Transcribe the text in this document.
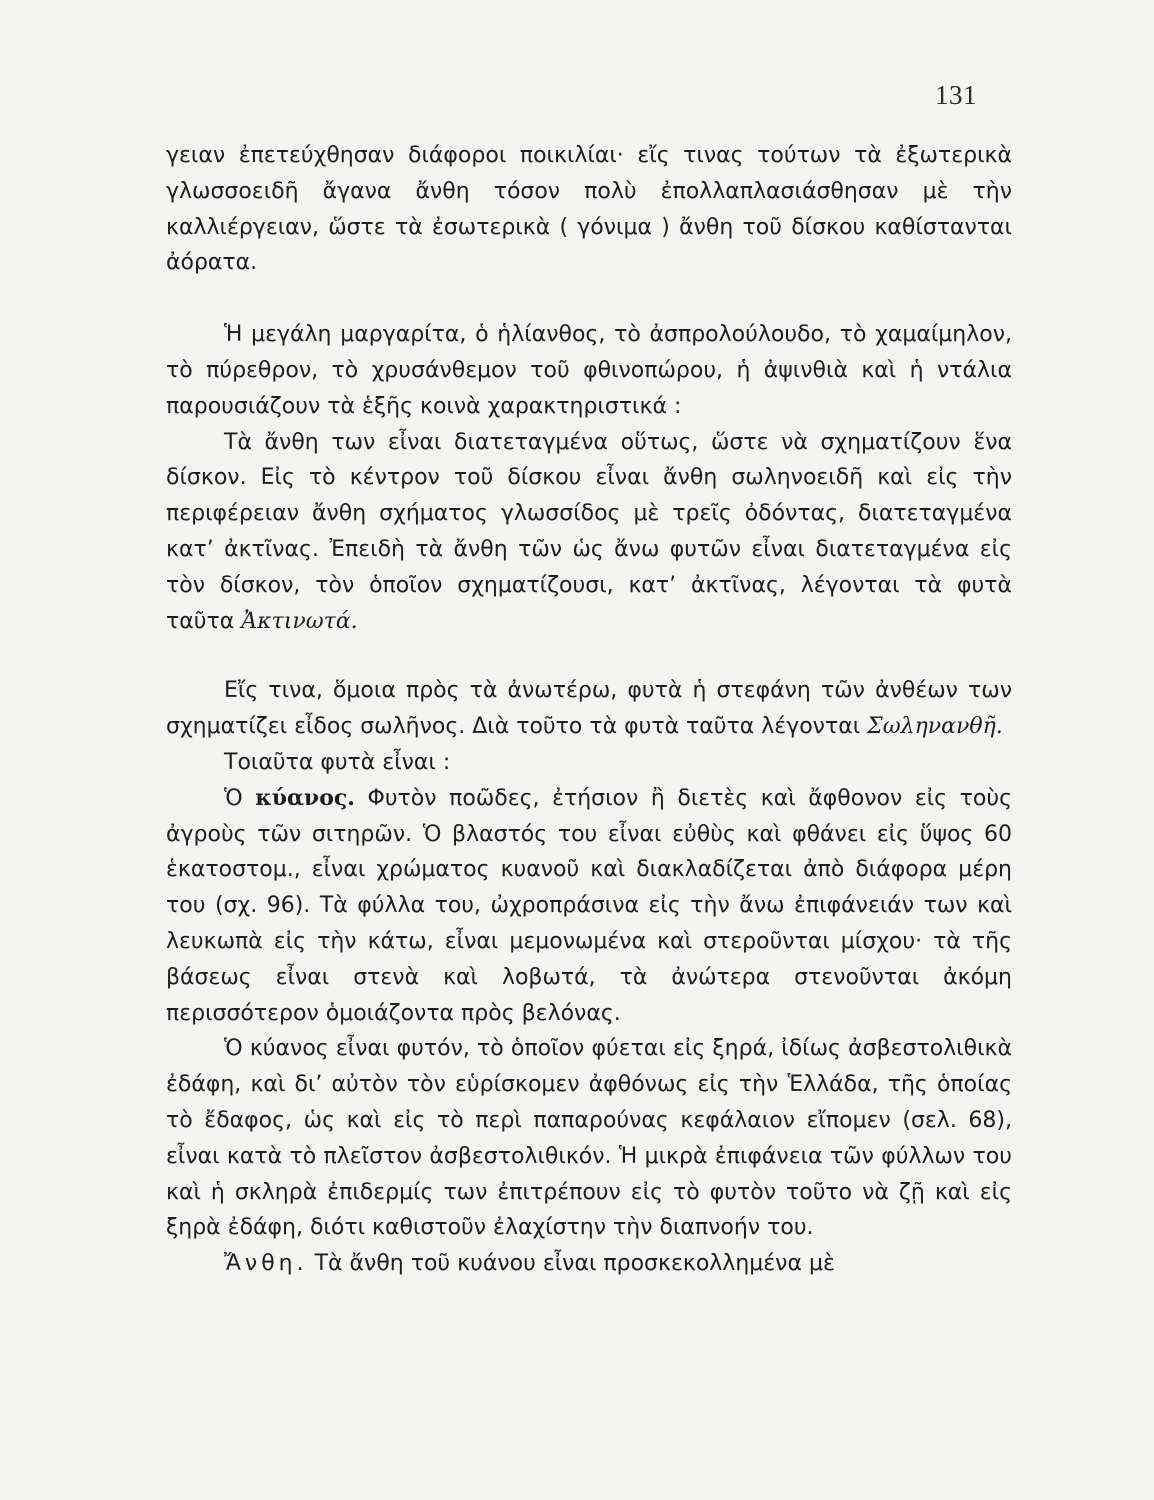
131

γειαν ἐπετεύχθησαν διάφοροι ποικιλίαι· εἴς τινας τούτων τὰ ἐξωτερικὰ γλωσσοειδῆ ἄγανα ἄνθη τόσον πολὺ ἐπολλαπλασιάσθησαν μὲ τὴν καλλιέργειαν, ὥστε τὰ ἐσωτερικὰ ( γόνιμα ) ἄνθη τοῦ δίσκου καθίστανται ἀόρατα.

Ἡ μεγάλη μαργαρίτα, ὁ ἡλίανθος, τὸ ἀσπρολούλουδο, τὸ χαμαίμηλον, τὸ πύρεθρον, τὸ χρυσάνθεμον τοῦ φθινοπώρου, ἡ ἀψινθιὰ καὶ ἡ ντάλια παρουσιάζουν τὰ ἑξῆς κοινὰ χαρακτηριστικά :

Τὰ ἄνθη των εἶναι διατεταγμένα οὕτως, ὥστε νὰ σχηματίζουν ἕνα δίσκον. Εἰς τὸ κέντρον τοῦ δίσκου εἶναι ἄνθη σωληνοειδῆ καὶ εἰς τὴν περιφέρειαν ἄνθη σχήματος γλωσσίδος μὲ τρεῖς ὀδόντας, διατεταγμένα κατ’ ἀκτῖνας. Ἐπειδὴ τὰ ἄνθη τῶν ὡς ἄνω φυτῶν εἶναι διατεταγμένα εἰς τὸν δίσκον, τὸν ὁποῖον σχηματίζουσι, κατ’ ἀκτῖνας, λέγονται τὰ φυτὰ ταῦτα Ἀκτινωτά.

Εἴς τινα, ὅμοια πρὸς τὰ ἀνωτέρω, φυτὰ ἡ στεφάνη τῶν ἀνθέων των σχηματίζει εἶδος σωλῆνος. Διὰ τοῦτο τὰ φυτὰ ταῦτα λέγονται Σωληνανθῆ.

Τοιαῦτα φυτὰ εἶναι :

Ὁ κύανος. Φυτὸν ποῶδες, ἐτήσιον ἢ διετὲς καὶ ἄφθονον εἰς τοὺς ἀγροὺς τῶν σιτηρῶν. Ὁ βλαστός του εἶναι εὐθὺς καὶ φθάνει εἰς ὕψος 60 ἑκατοστομ., εἶναι χρώματος κυανοῦ καὶ διακλαδίζεται ἀπὸ διάφορα μέρη του (σχ. 96). Τὰ φύλλα του, ὠχροπράσινα εἰς τὴν ἄνω ἐπιφάνειάν των καὶ λευκωπὰ εἰς τὴν κάτω, εἶναι μεμονωμένα καὶ στεροῦνται μίσχου· τὰ τῆς βάσεως εἶναι στενὰ καὶ λοβωτά, τὰ ἀνώτερα στενοῦνται ἀκόμη περισσότερον ὁμοιάζοντα πρὸς βελόνας.

Ὁ κύανος εἶναι φυτόν, τὸ ὁποῖον φύεται εἰς ξηρά, ἰδίως ἀσβεστολιθικὰ ἐδάφη, καὶ δι’ αὐτὸν τὸν εὑρίσκομεν ἀφθόνως εἰς τὴν Ἑλλάδα, τῆς ὁποίας τὸ ἔδαφος, ὡς καὶ εἰς τὸ περὶ παπαρούνας κεφάλαιον εἴπομεν (σελ. 68), εἶναι κατὰ τὸ πλεῖστον ἀσβεστολιθικόν. Ἡ μικρὰ ἐπιφάνεια τῶν φύλλων του καὶ ἡ σκληρὰ ἐπιδερμίς των ἐπιτρέπουν εἰς τὸ φυτὸν τοῦτο νὰ ζῇ καὶ εἰς ξηρὰ ἐδάφη, διότι καθιστοῦν ἐλαχίστην τὴν διαπνοήν του.

Ἄνθη. Τὰ ἄνθη τοῦ κυάνου εἶναι προσκεκολλημένα μὲ
